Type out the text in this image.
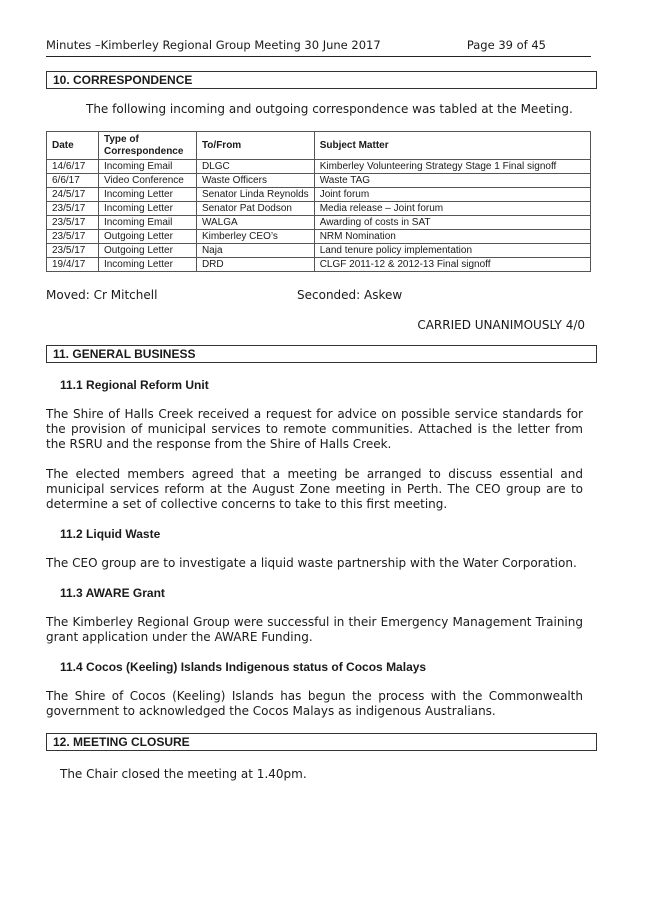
Minutes –Kimberley Regional Group Meeting 30 June 2017	Page 39 of 45
10. CORRESPONDENCE
The following incoming and outgoing correspondence was tabled at the Meeting.
Date	Type of Correspondence	To/From	Subject Matter
14/6/17	Incoming Email	DLGC	Kimberley Volunteering Strategy Stage 1 Final signoff
6/6/17	Video Conference	Waste Officers	Waste TAG
24/5/17	Incoming Letter	Senator Linda Reynolds	Joint forum
23/5/17	Incoming Letter	Senator Pat Dodson	Media release – Joint forum
23/5/17	Incoming Email	WALGA	Awarding of costs in SAT
23/5/17	Outgoing Letter	Kimberley CEO’s	NRM Nomination
23/5/17	Outgoing Letter	Naja	Land tenure policy implementation
19/4/17	Incoming Letter	DRD	CLGF 2011-12 & 2012-13 Final signoff
Moved: Cr Mitchell	Seconded: Askew
CARRIED UNANIMOUSLY 4/0
11. GENERAL BUSINESS
11.1 Regional Reform Unit
The Shire of Halls Creek received a request for advice on possible service standards for the provision of municipal services to remote communities. Attached is the letter from the RSRU and the response from the Shire of Halls Creek.
The elected members agreed that a meeting be arranged to discuss essential and municipal services reform at the August Zone meeting in Perth. The CEO group are to determine a set of collective concerns to take to this first meeting.
11.2 Liquid Waste
The CEO group are to investigate a liquid waste partnership with the Water Corporation.
11.3 AWARE Grant
The Kimberley Regional Group were successful in their Emergency Management Training grant application under the AWARE Funding.
11.4 Cocos (Keeling) Islands Indigenous status of Cocos Malays
The Shire of Cocos (Keeling) Islands has begun the process with the Commonwealth government to acknowledged the Cocos Malays as indigenous Australians.
12. MEETING CLOSURE
The Chair closed the meeting at 1.40pm.
